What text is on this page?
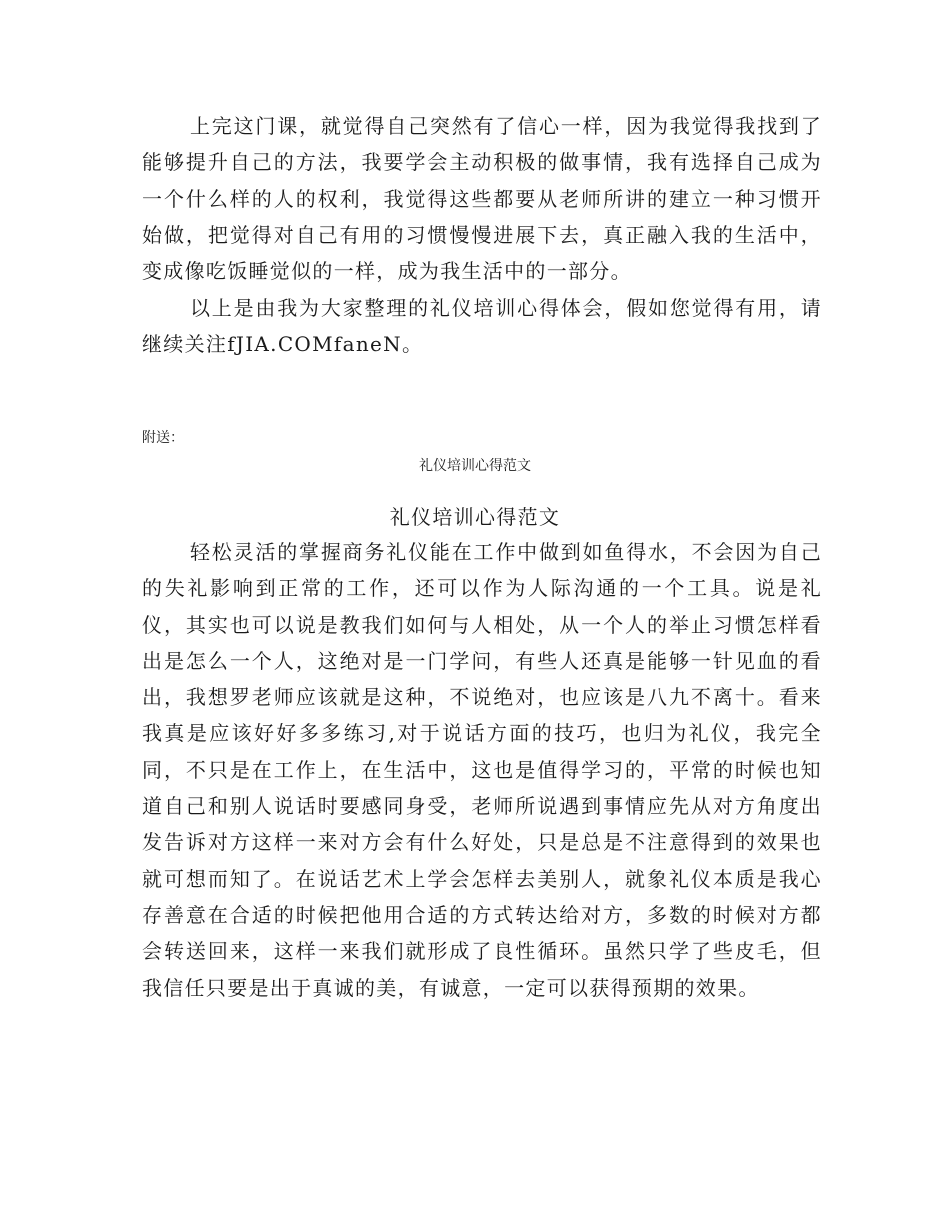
上完这门课，就觉得自己突然有了信心一样，因为我觉得我找到了能够提升自己的方法，我要学会主动积极的做事情，我有选择自己成为一个什么样的人的权利，我觉得这些都要从老师所讲的建立一种习惯开始做，把觉得对自己有用的习惯慢慢进展下去，真正融入我的生活中，变成像吃饭睡觉似的一样，成为我生活中的一部分。

以上是由我为大家整理的礼仪培训心得体会，假如您觉得有用，请继续关注fJIA.COMfaneN。

附送：

礼仪培训心得范文

礼仪培训心得范文

轻松灵活的掌握商务礼仪能在工作中做到如鱼得水，不会因为自己的失礼影响到正常的工作，还可以作为人际沟通的一个工具。说是礼仪，其实也可以说是教我们如何与人相处，从一个人的举止习惯怎样看出是怎么一个人，这绝对是一门学问，有些人还真是能够一针见血的看出，我想罗老师应该就是这种，不说绝对，也应该是八九不离十。看来我真是应该好好多多练习,对于说话方面的技巧，也归为礼仪，我完全同，不只是在工作上，在生活中，这也是值得学习的，平常的时候也知道自己和别人说话时要感同身受，老师所说遇到事情应先从对方角度出发告诉对方这样一来对方会有什么好处，只是总是不注意得到的效果也就可想而知了。在说话艺术上学会怎样去美别人，就象礼仪本质是我心存善意在合适的时候把他用合适的方式转达给对方，多数的时候对方都会转送回来，这样一来我们就形成了良性循环。虽然只学了些皮毛，但我信任只要是出于真诚的美，有诚意，一定可以获得预期的效果。
